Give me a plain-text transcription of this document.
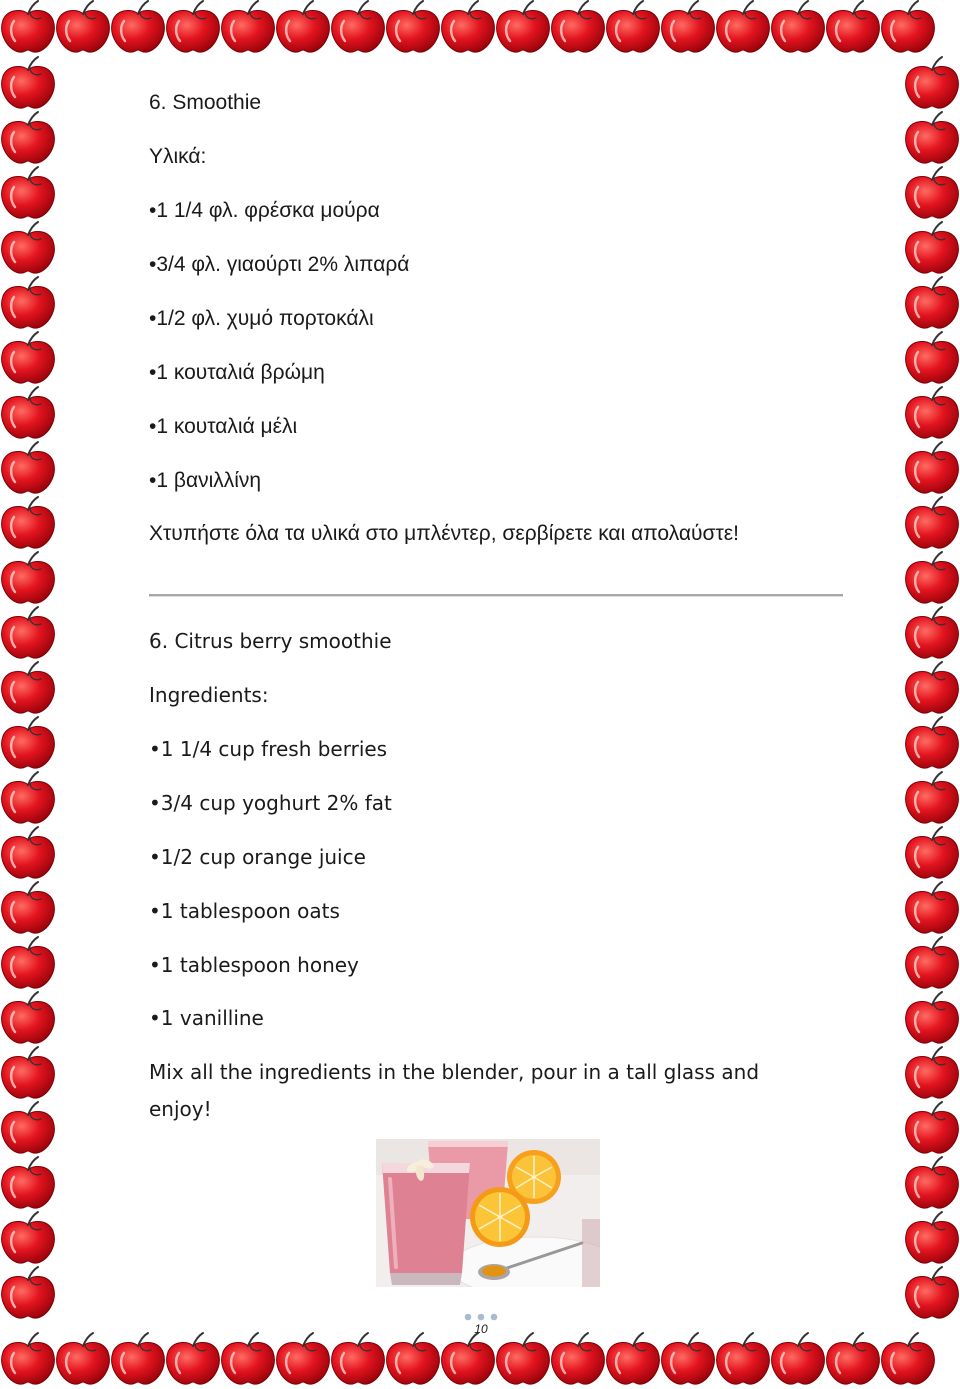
6. Smoothie
Υλικά:
•1 1/4 φλ. φρέσκα μούρα
•3/4 φλ. γιαούρτι 2% λιπαρά
•1/2 φλ. χυμό πορτοκάλι
•1 κουταλιά βρώμη
•1 κουταλιά μέλι
•1 βανιλλίνη
Χτυπήστε όλα τα υλικά στο μπλέντερ, σερβίρετε και απολαύστε!
6. Citrus berry smoothie
Ingredients:
•1 1/4 cup fresh berries
•3/4 cup yoghurt 2% fat
•1/2 cup orange juice
•1 tablespoon oats
•1 tablespoon honey
•1 vanilline
Mix all the ingredients in the blender, pour in a tall glass and
enjoy!
10
